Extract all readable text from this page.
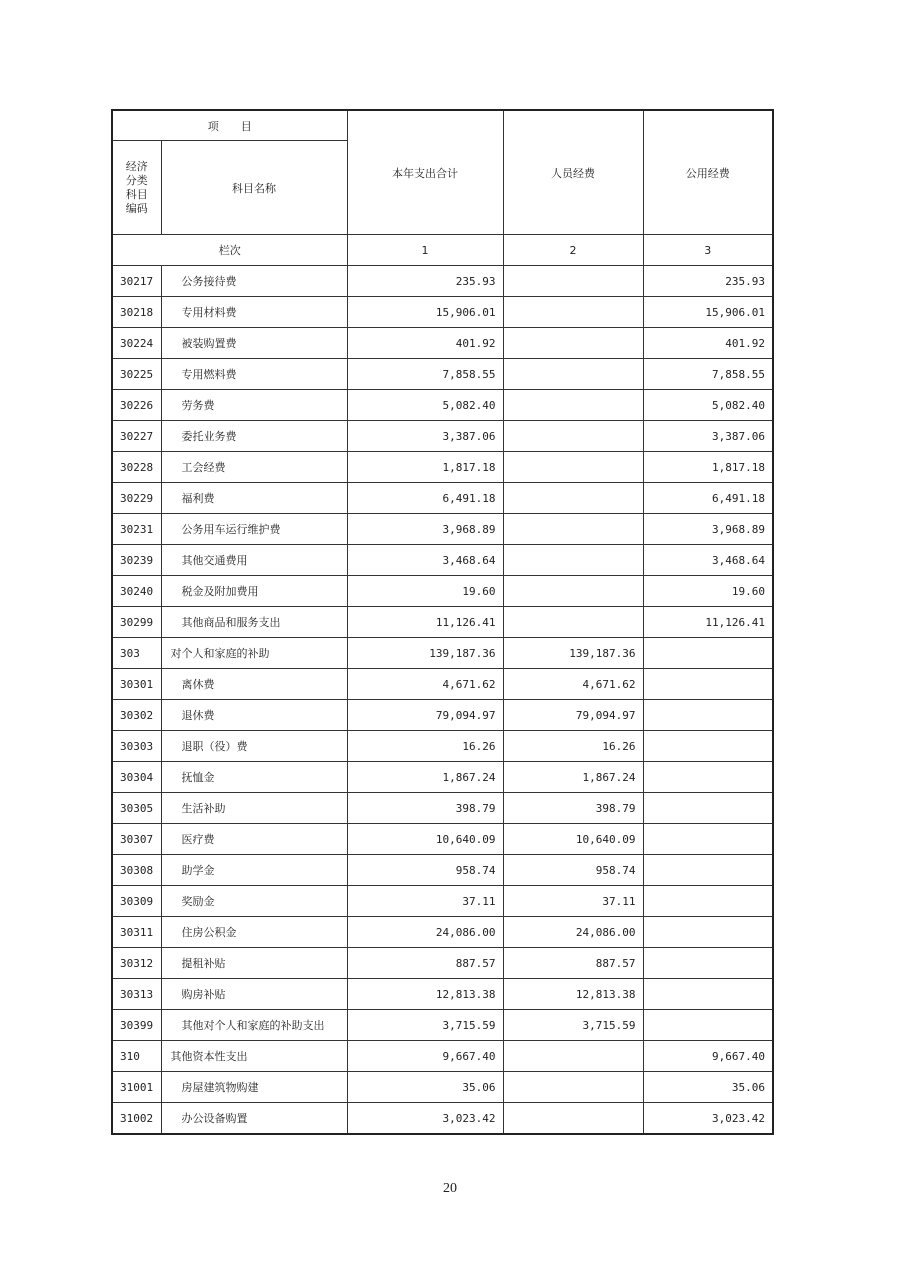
项　　目		本年支出合计	人员经费	公用经费

经济分类科目编码	科目名称			
栏次		1	2	3
30217	公务接待费	235.93		235.93
30218	专用材料费	15,906.01		15,906.01
30224	被装购置费	401.92		401.92
30225	专用燃料费	7,858.55		7,858.55
30226	劳务费	5,082.40		5,082.40
30227	委托业务费	3,387.06		3,387.06
30228	工会经费	1,817.18		1,817.18
30229	福利费	6,491.18		6,491.18
30231	公务用车运行维护费	3,968.89		3,968.89
30239	其他交通费用	3,468.64		3,468.64
30240	税金及附加费用	19.60		19.60
30299	其他商品和服务支出	11,126.41		11,126.41
303	对个人和家庭的补助	139,187.36	139,187.36	
30301	离休费	4,671.62	4,671.62	
30302	退休费	79,094.97	79,094.97	
30303	退职（役）费	16.26	16.26	
30304	抚恤金	1,867.24	1,867.24	
30305	生活补助	398.79	398.79	
30307	医疗费	10,640.09	10,640.09	
30308	助学金	958.74	958.74	
30309	奖励金	37.11	37.11	
30311	住房公积金	24,086.00	24,086.00	
30312	提租补贴	887.57	887.57	
30313	购房补贴	12,813.38	12,813.38	
30399	其他对个人和家庭的补助支出	3,715.59	3,715.59	
310	其他资本性支出	9,667.40		9,667.40
31001	房屋建筑物购建	35.06		35.06
31002	办公设备购置	3,023.42		3,023.42
20
